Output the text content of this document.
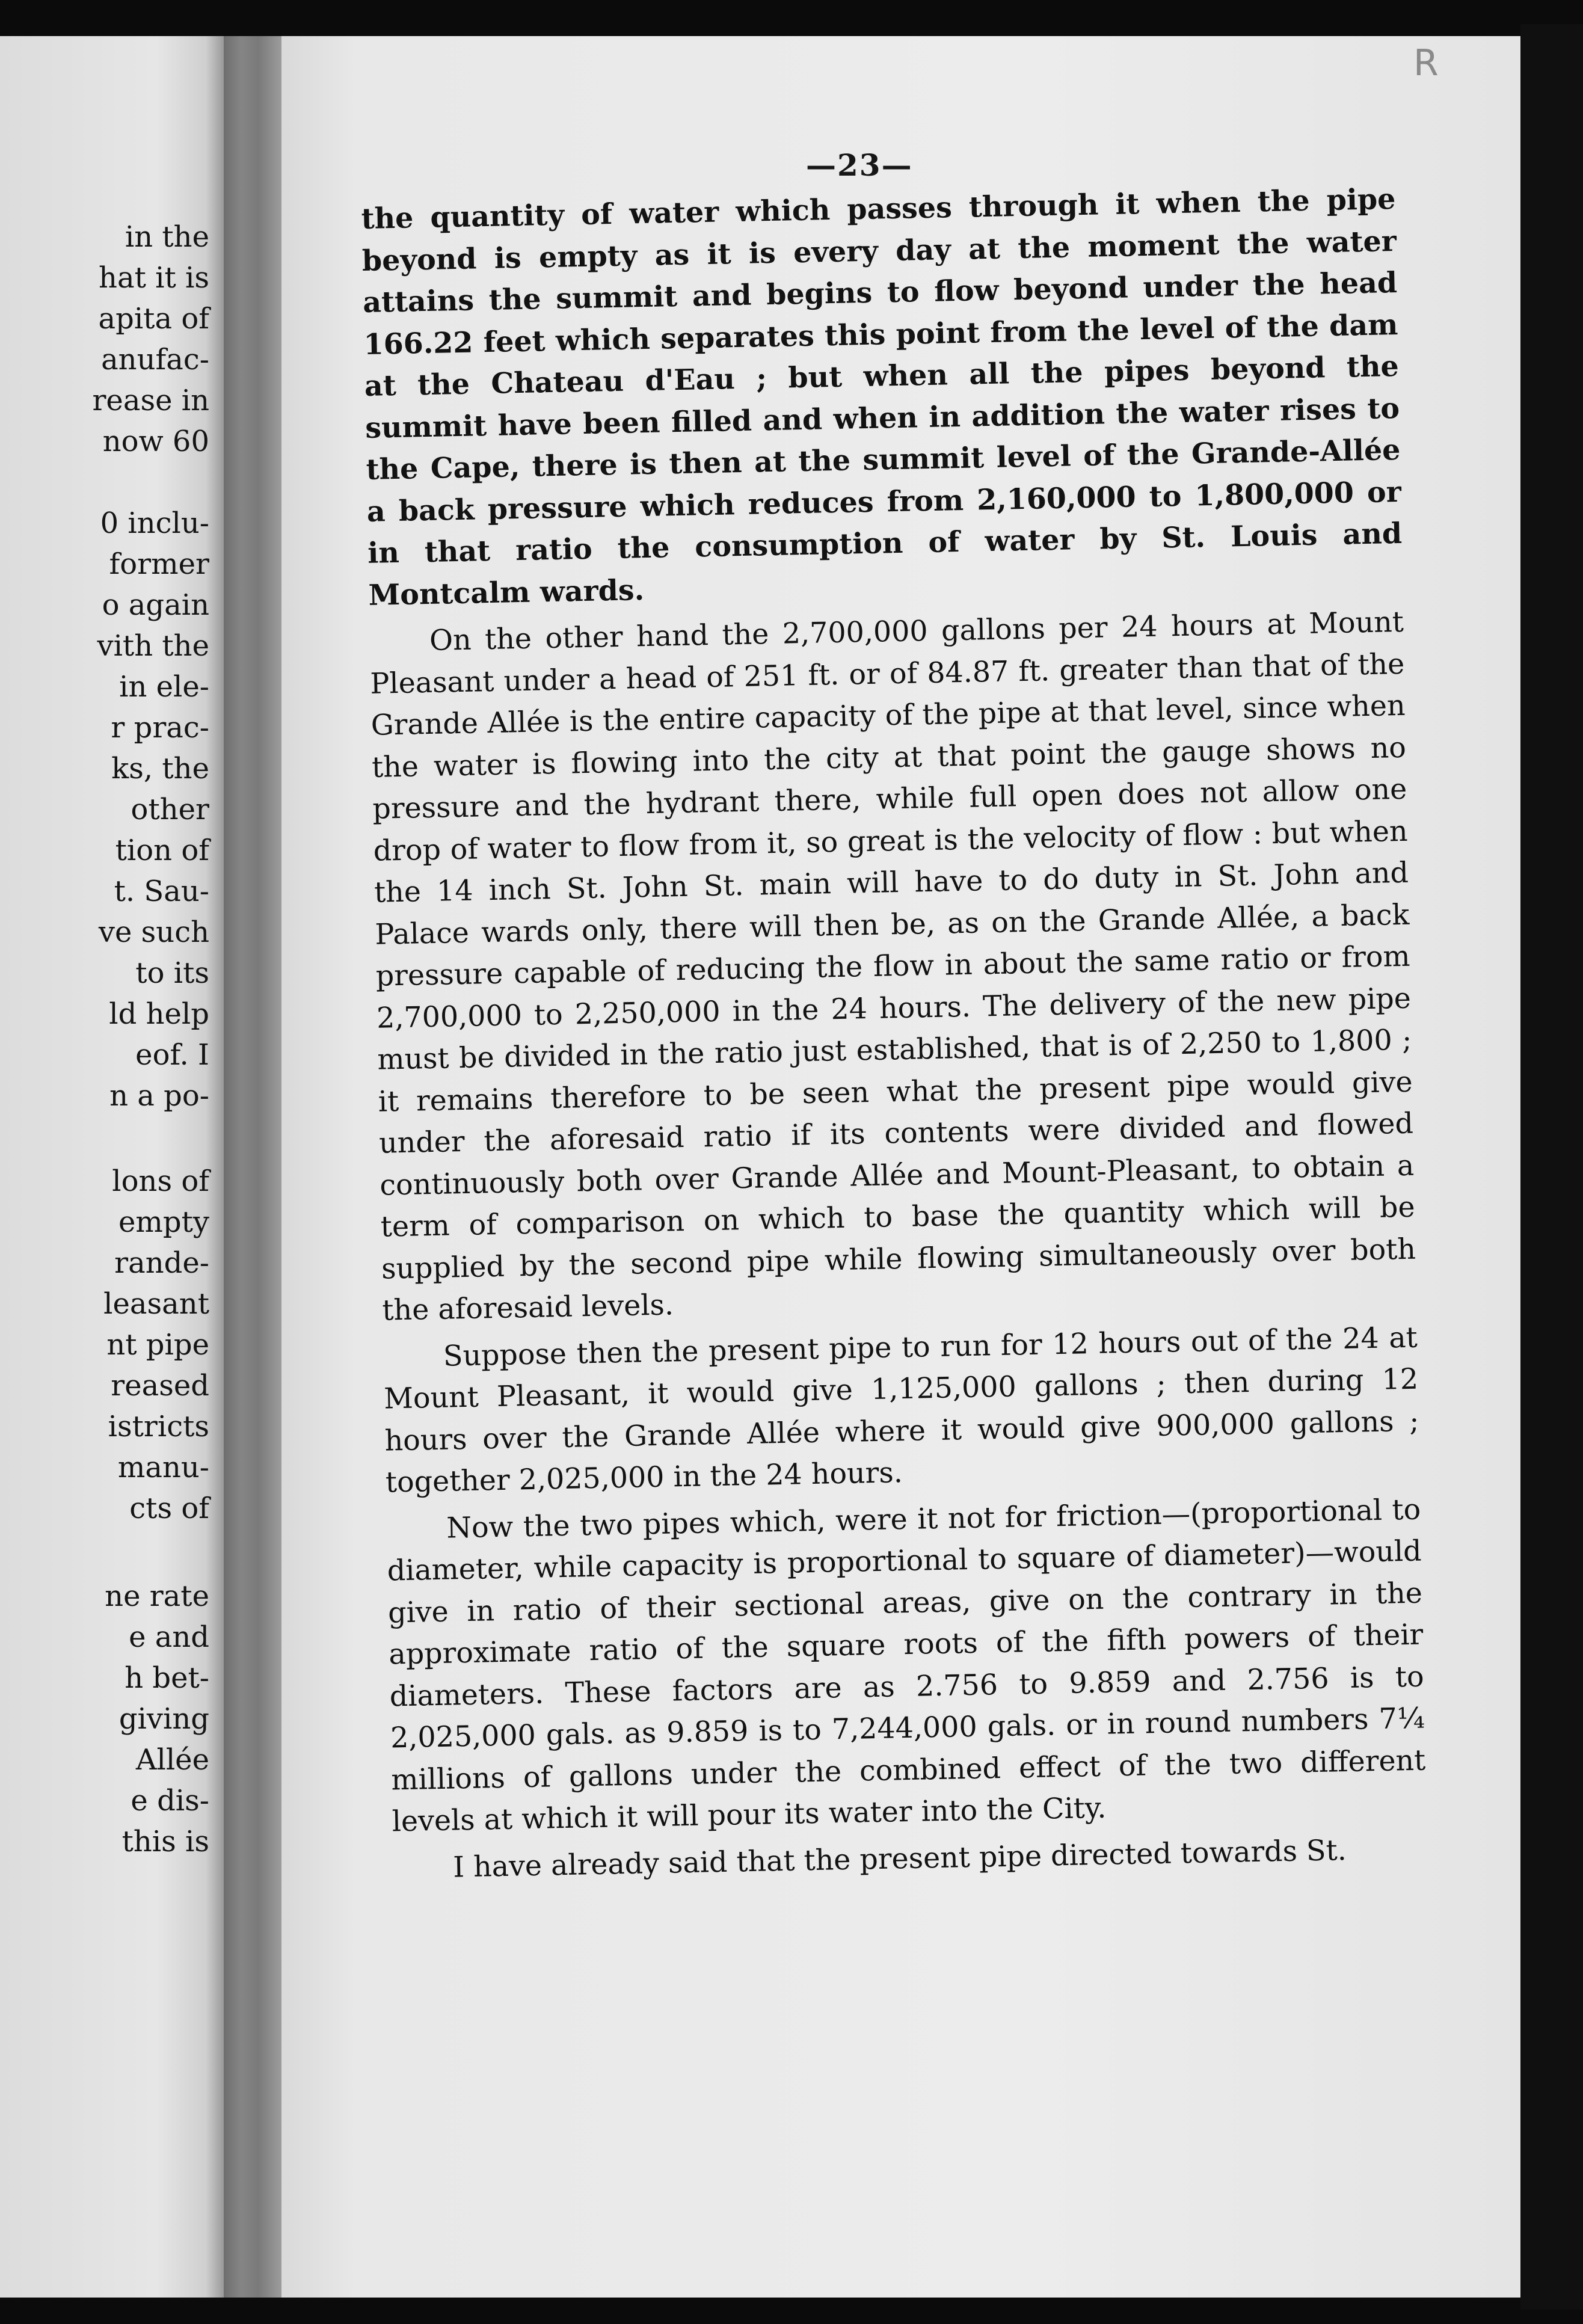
in the
hat it is
apita of
anufac-
rease in
now 60
0 inclu-
former
o again
vith the
in ele-
r prac-
ks, the
other
tion of
t. Sau-
ve such
to its
ld help
eof. I
n a po-
lons of
empty
rande-
leasant
nt pipe
reased
istricts
manu-
cts of
ne rate
e and
h bet-
giving
Allée
e dis-
this is
R
—23—

the quantity of water which passes through it when the pipe beyond is empty as it is every day at the moment the water attains the summit and begins to flow beyond under the head 166.22 feet which separates this point from the level of the dam at the Chateau d'Eau ; but when all the pipes beyond the summit have been filled and when in addition the water rises to the Cape, there is then at the summit level of the Grande-Allée a back pressure which reduces from 2,160,000 to 1,800,000 or in that ratio the consumption of water by St. Louis and Montcalm wards.

On the other hand the 2,700,000 gallons per 24 hours at Mount Pleasant under a head of 251 ft. or of 84.87 ft. greater than that of the Grande Allée is the entire capacity of the pipe at that level, since when the water is flowing into the city at that point the gauge shows no pressure and the hydrant there, while full open does not allow one drop of water to flow from it, so great is the velocity of flow : but when the 14 inch St. John St. main will have to do duty in St. John and Palace wards only, there will then be, as on the Grande Allée, a back pressure capable of reducing the flow in about the same ratio or from 2,700,000 to 2,250,000 in the 24 hours. The delivery of the new pipe must be divided in the ratio just established, that is of 2,250 to 1,800 ; it remains therefore to be seen what the present pipe would give under the aforesaid ratio if its contents were divided and flowed continuously both over Grande Allée and Mount-Pleasant, to obtain a term of comparison on which to base the quantity which will be supplied by the second pipe while flowing simultaneously over both the aforesaid levels.

Suppose then the present pipe to run for 12 hours out of the 24 at Mount Pleasant, it would give 1,125,000 gallons ; then during 12 hours over the Grande Allée where it would give 900,000 gallons ; together 2,025,000 in the 24 hours.

Now the two pipes which, were it not for friction—(proportional to diameter, while capacity is proportional to square of diameter)—would give in ratio of their sectional areas, give on the contrary in the approximate ratio of the square roots of the fifth powers of their diameters. These factors are as 2.756 to 9.859 and 2.756 is to 2,025,000 gals. as 9.859 is to 7,244,000 gals. or in round numbers 7¼ millions of gallons under the combined effect of the two different levels at which it will pour its water into the City.

I have already said that the present pipe directed towards St.
